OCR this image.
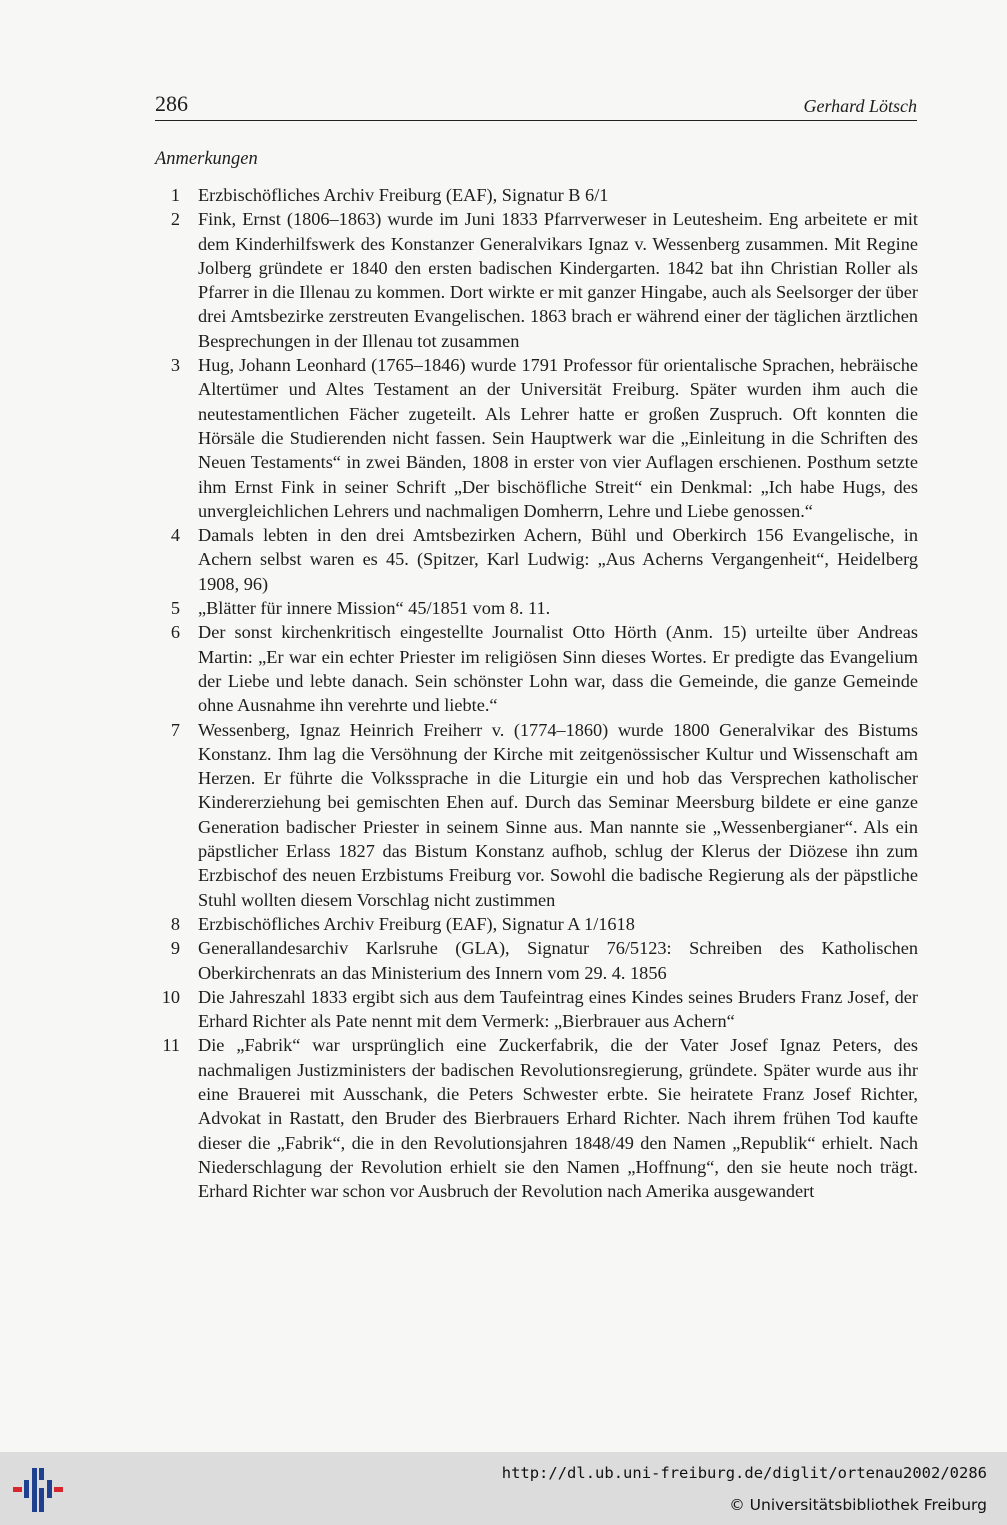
286	Gerhard Lötsch
Anmerkungen
1 Erzbischöfliches Archiv Freiburg (EAF), Signatur B 6/1
2 Fink, Ernst (1806–1863) wurde im Juni 1833 Pfarrverweser in Leutesheim. Eng arbeitete er mit dem Kinderhilfswerk des Konstanzer Generalvikars Ignaz v. Wessenberg zusammen. Mit Regine Jolberg gründete er 1840 den ersten badischen Kindergarten. 1842 bat ihn Christian Roller als Pfarrer in die Illenau zu kommen. Dort wirkte er mit ganzer Hingabe, auch als Seelsorger der über drei Amtsbezirke zerstreuten Evangelischen. 1863 brach er während einer der täglichen ärztlichen Besprechungen in der Illenau tot zusammen
3 Hug, Johann Leonhard (1765–1846) wurde 1791 Professor für orientalische Sprachen, hebräische Altertümer und Altes Testament an der Universität Freiburg. Später wurden ihm auch die neutestamentlichen Fächer zugeteilt. Als Lehrer hatte er großen Zuspruch. Oft konnten die Hörsäle die Studierenden nicht fassen. Sein Hauptwerk war die „Einleitung in die Schriften des Neuen Testaments“ in zwei Bänden, 1808 in erster von vier Auflagen erschienen. Posthum setzte ihm Ernst Fink in seiner Schrift „Der bischöfliche Streit“ ein Denkmal: „Ich habe Hugs, des unvergleichlichen Lehrers und nachmaligen Domherrn, Lehre und Liebe genossen.“
4 Damals lebten in den drei Amtsbezirken Achern, Bühl und Oberkirch 156 Evangelische, in Achern selbst waren es 45. (Spitzer, Karl Ludwig: „Aus Acherns Vergangenheit“, Heidelberg 1908, 96)
5 „Blätter für innere Mission“ 45/1851 vom 8. 11.
6 Der sonst kirchenkritisch eingestellte Journalist Otto Hörth (Anm. 15) urteilte über Andreas Martin: „Er war ein echter Priester im religiösen Sinn dieses Wortes. Er predigte das Evangelium der Liebe und lebte danach. Sein schönster Lohn war, dass die Gemeinde, die ganze Gemeinde ohne Ausnahme ihn verehrte und liebte.“
7 Wessenberg, Ignaz Heinrich Freiherr v. (1774–1860) wurde 1800 Generalvikar des Bistums Konstanz. Ihm lag die Versöhnung der Kirche mit zeitgenössischer Kultur und Wissenschaft am Herzen. Er führte die Volkssprache in die Liturgie ein und hob das Versprechen katholischer Kindererziehung bei gemischten Ehen auf. Durch das Seminar Meersburg bildete er eine ganze Generation badischer Priester in seinem Sinne aus. Man nannte sie „Wessenbergianer“. Als ein päpstlicher Erlass 1827 das Bistum Konstanz aufhob, schlug der Klerus der Diözese ihn zum Erzbischof des neuen Erzbistums Freiburg vor. Sowohl die badische Regierung als der päpstliche Stuhl wollten diesem Vorschlag nicht zustimmen
8 Erzbischöfliches Archiv Freiburg (EAF), Signatur A 1/1618
9 Generallandesarchiv Karlsruhe (GLA), Signatur 76/5123: Schreiben des Katholischen Oberkirchenrats an das Ministerium des Innern vom 29. 4. 1856
10 Die Jahreszahl 1833 ergibt sich aus dem Taufeintrag eines Kindes seines Bruders Franz Josef, der Erhard Richter als Pate nennt mit dem Vermerk: „Bierbrauer aus Achern“
11 Die „Fabrik“ war ursprünglich eine Zuckerfabrik, die der Vater Josef Ignaz Peters, des nachmaligen Justizministers der badischen Revolutionsregierung, gründete. Später wurde aus ihr eine Brauerei mit Ausschank, die Peters Schwester erbte. Sie heiratete Franz Josef Richter, Advokat in Rastatt, den Bruder des Bierbrauers Erhard Richter. Nach ihrem frühen Tod kaufte dieser die „Fabrik“, die in den Revolutionsjahren 1848/49 den Namen „Republik“ erhielt. Nach Niederschlagung der Revolution erhielt sie den Namen „Hoffnung“, den sie heute noch trägt. Erhard Richter war schon vor Ausbruch der Revolution nach Amerika ausgewandert
http://dl.ub.uni-freiburg.de/diglit/ortenau2002/0286
© Universitätsbibliothek Freiburg
